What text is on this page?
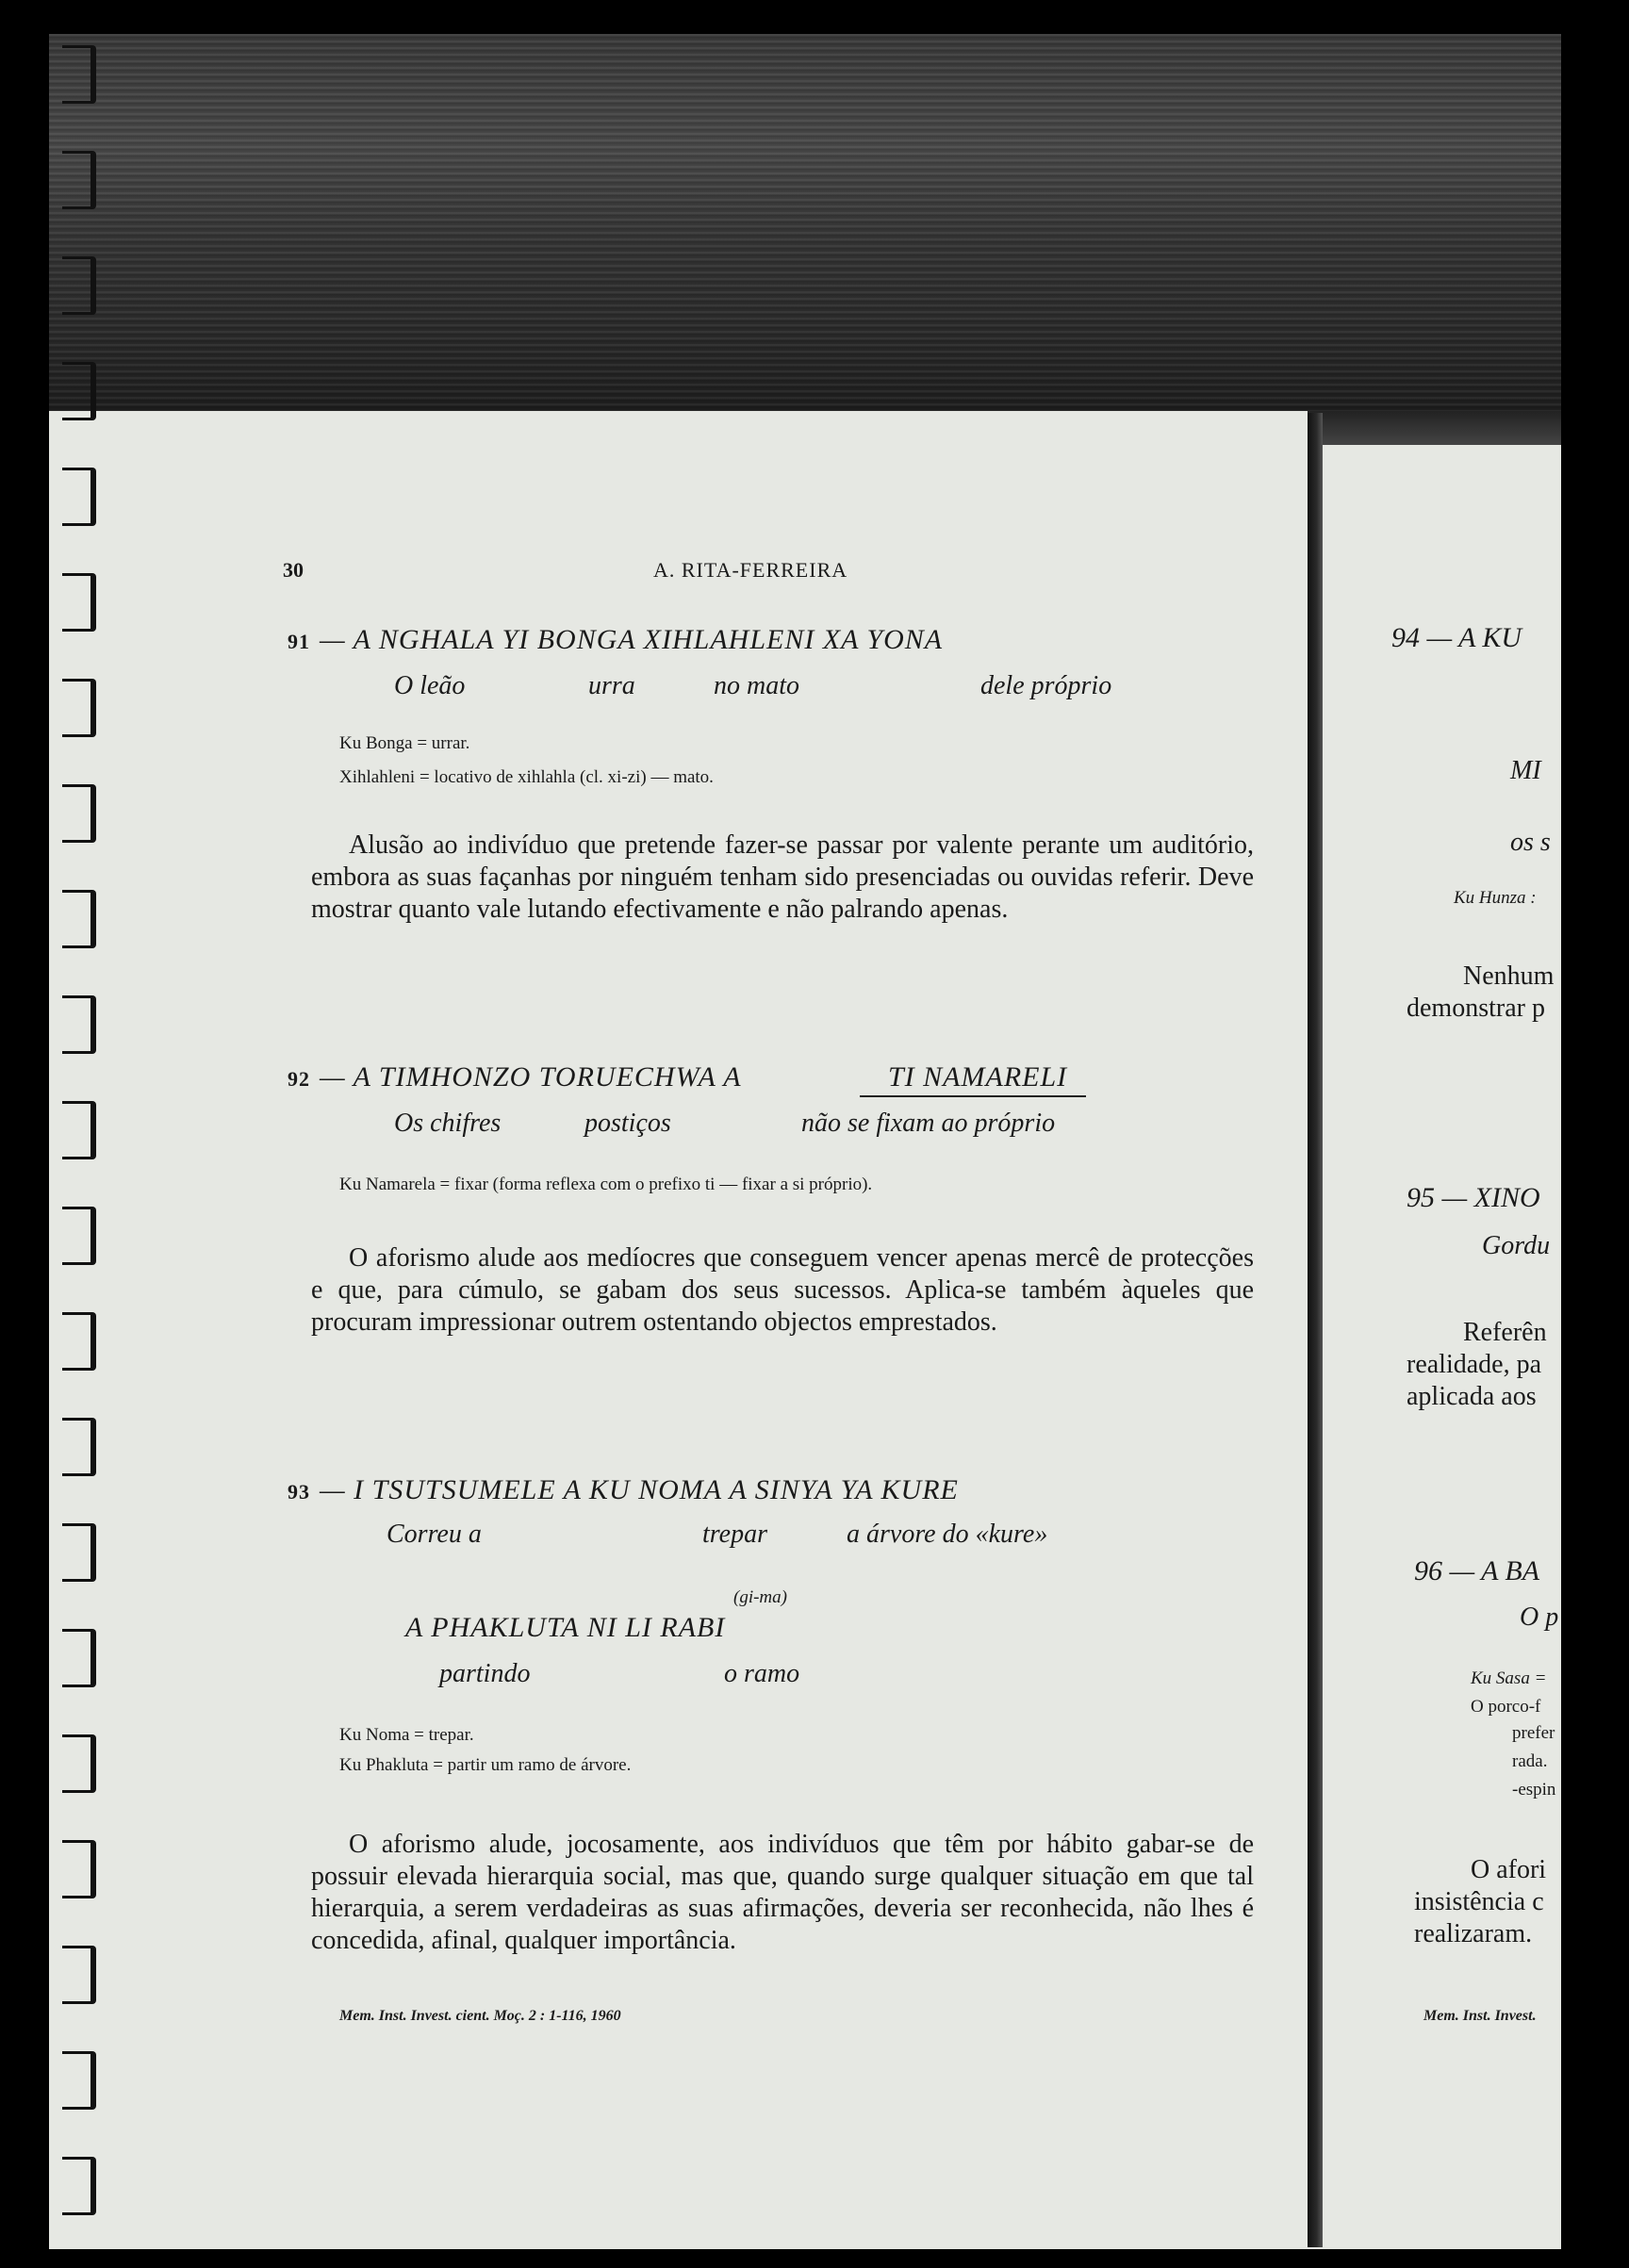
30	A. RITA-FERREIRA
91 — A NGHALA YI BONGA XIHLAHLENI XA YONA
O leão	urra	no mato	dele próprio
Ku Bonga = urrar.
Xihlahleni = locativo de xihlahla (cl. xi-zi) — mato.
Alusão ao indivíduo que pretende fazer-se passar por valente perante um auditório, embora as suas façanhas por ninguém tenham sido presenciadas ou ouvidas referir. Deve mostrar quanto vale lutando efectivamente e não palrando apenas.
92 — A TIMHONZO TORUECHWA A	TI NAMARELI
Os chifres	postiços	não se fixam ao próprio
Ku Namarela = fixar (forma reflexa com o prefixo ti — fixar a si próprio).
O aforismo alude aos medíocres que conseguem vencer apenas mercê de protecções e que, para cúmulo, se gabam dos seus sucessos. Aplica-se também àqueles que procuram impressionar outrem ostentando objectos emprestados.
93 — I TSUTSUMELE A KU NOMA A SINYA YA KURE
Correu a	trepar	a árvore do «kure»
(gi-ma)
A PHAKLUTA NI LI RABI
partindo	o ramo
Ku Noma = trepar.
Ku Phakluta = partir um ramo de árvore.
O aforismo alude, jocosamente, aos indivíduos que têm por hábito gabar-se de possuir elevada hierarquia social, mas que, quando surge qualquer situação em que tal hierarquia, a serem verdadeiras as suas afirmações, deveria ser reconhecida, não lhes é concedida, afinal, qualquer importância.
Mem. Inst. Invest. cient. Moç. 2 : 1-116, 1960
94 — A KU
MI
os s
Ku Hunza :
Nenhum
demonstrar p
95 — XINO
Gordu
Referên
realidade, pa
aplicada aos
96 — A BA
O p
Ku Sasa =
O porco-f
prefer
rada.
-espin
O afori
insistência c
realizaram.
Mem. Inst. Invest.
